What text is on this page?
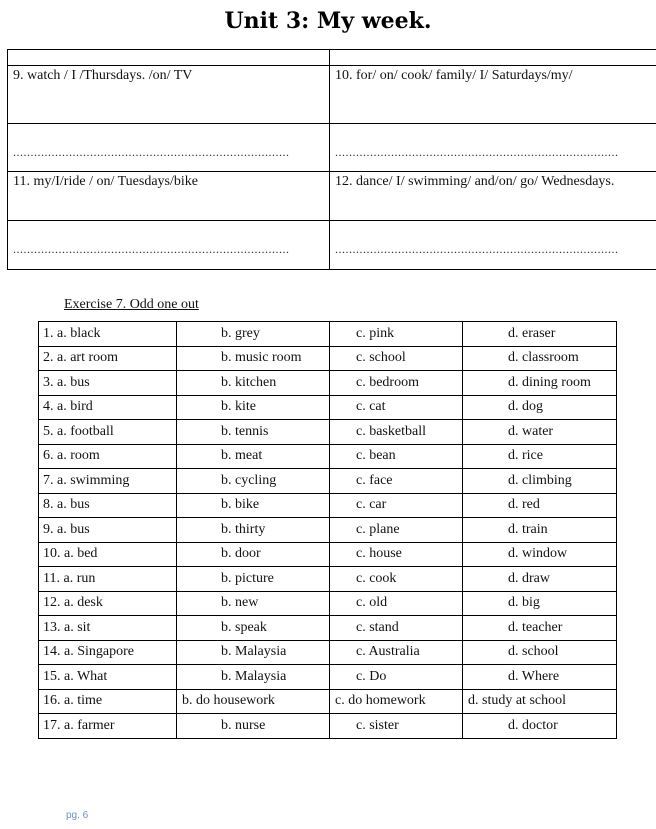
Unit 3: My week.

9. watch / I /Thursdays. /on/ TV	10. for/ on/ cook/ family/ I/ Saturdays/my/

...............................................................................	.................................................................................

11. my/I/ride / on/ Tuesdays/bike	12. dance/ I/ swimming/ and/on/ go/ Wednesdays.

...............................................................................	.................................................................................
Exercise 7. Odd one out
1. a. black	b. grey	c. pink	d. eraser
2. a. art room	b. music room	c. school	d. classroom
3. a. bus	b. kitchen	c. bedroom	d. dining room
4. a. bird	b. kite	c. cat	d. dog
5. a. football	b. tennis	c. basketball	d. water
6. a. room	b. meat	c. bean	d. rice
7. a. swimming	b. cycling	c. face	d. climbing
8. a. bus	b. bike	c. car	d. red
9. a. bus	b. thirty	c. plane	d. train
10. a. bed	b. door	c. house	d. window
11. a. run	b. picture	c. cook	d. draw
12. a. desk	b. new	c. old	d. big
13. a. sit	b. speak	c. stand	d. teacher
14. a. Singapore	b. Malaysia	c. Australia	d. school
15. a. What	b. Malaysia	c. Do	d. Where
16. a. time	b. do housework	c. do homework	d. study at school
17. a. farmer	b. nurse	c. sister	d. doctor
pg. 6
